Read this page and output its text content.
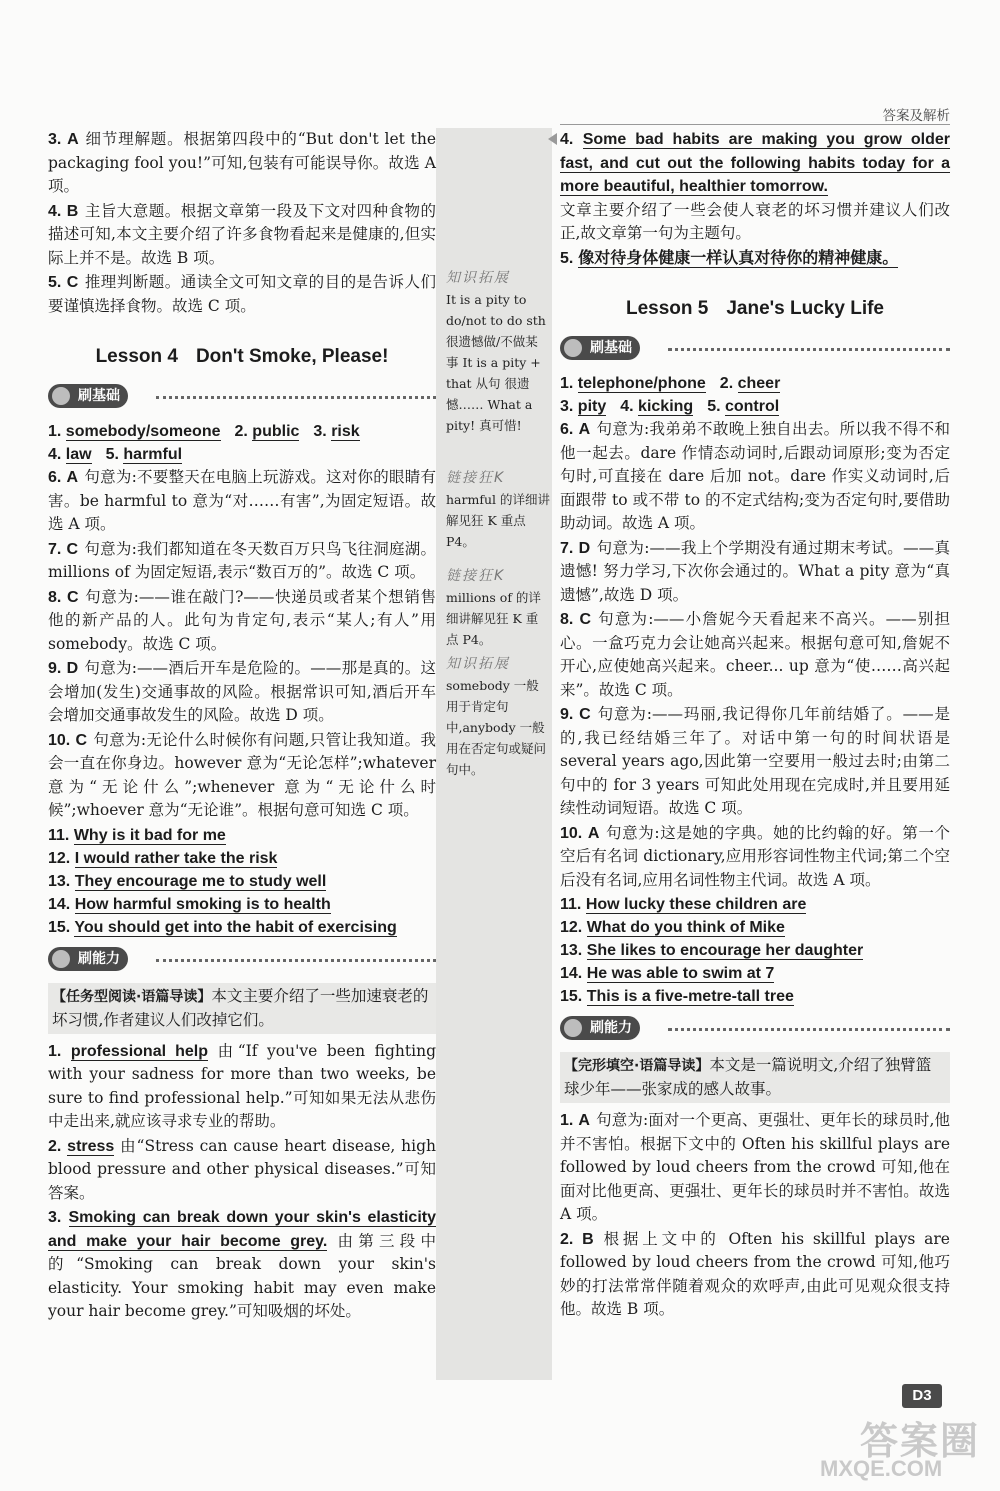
答案及解析
3. A 细节理解题。根据第四段中的“But don't let the packaging fool you!”可知,包装有可能误导你。故选 A 项。
4. B 主旨大意题。根据文章第一段及下文对四种食物的描述可知,本文主要介绍了许多食物看起来是健康的,但实际上并不是。故选 B 项。
5. C 推理判断题。通读全文可知文章的目的是告诉人们要谨慎选择食物。故选 C 项。
Lesson 4 Don't Smoke, Please!
刷基础
1. somebody/someone 2. public 3. risk
4. law 5. harmful
6. A 句意为:不要整天在电脑上玩游戏。这对你的眼睛有害。be harmful to 意为“对……有害”,为固定短语。故选 A 项。
7. C 句意为:我们都知道在冬天数百万只鸟飞往洞庭湖。millions of 为固定短语,表示“数百万的”。故选 C 项。
8. C 句意为:——谁在敲门?——快递员或者某个想销售他的新产品的人。此句为肯定句,表示“某人;有人”用somebody。故选 C 项。
9. D 句意为:——酒后开车是危险的。——那是真的。这会增加(发生)交通事故的风险。根据常识可知,酒后开车会增加交通事故发生的风险。故选 D 项。
10. C 句意为:无论什么时候你有问题,只管让我知道。我会一直在你身边。however 意为“无论怎样”;whatever 意为“无论什么”;whenever 意为“无论什么时候”;whoever 意为“无论谁”。根据句意可知选 C 项。
11. Why is it bad for me
12. I would rather take the risk
13. They encourage me to study well
14. How harmful smoking is to health
15. You should get into the habit of exercising
刷能力
【任务型阅读·语篇导读】本文主要介绍了一些加速衰老的坏习惯,作者建议人们改掉它们。
1. professional help 由“If you've been fighting with your sadness for more than two weeks, be sure to find professional help.”可知如果无法从悲伤中走出来,就应该寻求专业的帮助。
2. stress 由“Stress can cause heart disease, high blood pressure and other physical diseases.”可知答案。
3. Smoking can break down your skin's elasticity and make your hair become grey. 由第三段中的“Smoking can break down your skin's elasticity. Your smoking habit may even make your hair become grey.”可知吸烟的坏处。
知识拓展
It is a pity to do/not to do sth 很遗憾做/不做某事 It is a pity + that 从句 很遗憾…… What a pity! 真可惜!
链接狂K
harmful 的详细讲解见狂 K 重点 P4。
链接狂K
millions of 的详细讲解见狂 K 重点 P4。
知识拓展
somebody 一般用于肯定句中,anybody 一般用在否定句或疑问句中。
4. Some bad habits are making you grow older fast, and cut out the following habits today for a more beautiful, healthier tomorrow.
文章主要介绍了一些会使人衰老的坏习惯并建议人们改正,故文章第一句为主题句。
5. 像对待身体健康一样认真对待你的精神健康。
Lesson 5 Jane's Lucky Life
刷基础
1. telephone/phone 2. cheer
3. pity 4. kicking 5. control
6. A 句意为:我弟弟不敢晚上独自出去。所以我不得不和他一起去。dare 作情态动词时,后跟动词原形;变为否定句时,可直接在 dare 后加 not。dare 作实义动词时,后面跟带 to 或不带 to 的不定式结构;变为否定句时,要借助助动词。故选 A 项。
7. D 句意为:——我上个学期没有通过期末考试。——真遗憾! 努力学习,下次你会通过的。What a pity 意为“真遗憾”,故选 D 项。
8. C 句意为:——小詹妮今天看起来不高兴。——别担心。一盒巧克力会让她高兴起来。根据句意可知,詹妮不开心,应使她高兴起来。cheer... up 意为“使……高兴起来”。故选 C 项。
9. C 句意为:——玛丽,我记得你几年前结婚了。——是的,我已经结婚三年了。对话中第一句的时间状语是 several years ago,因此第一空要用一般过去时;由第二句中的 for 3 years 可知此处用现在完成时,并且要用延续性动词短语。故选 C 项。
10. A 句意为:这是她的字典。她的比约翰的好。第一个空后有名词 dictionary,应用形容词性物主代词;第二个空后没有名词,应用名词性物主代词。故选 A 项。
11. How lucky these children are
12. What do you think of Mike
13. She likes to encourage her daughter
14. He was able to swim at 7
15. This is a five-metre-tall tree
刷能力
【完形填空·语篇导读】本文是一篇说明文,介绍了独臂篮球少年——张家成的感人故事。
1. A 句意为:面对一个更高、更强壮、更年长的球员时,他并不害怕。根据下文中的 Often his skillful plays are followed by loud cheers from the crowd 可知,他在面对比他更高、更强壮、更年长的球员时并不害怕。故选 A 项。
2. B 根据上文中的 Often his skillful plays are followed by loud cheers from the crowd 可知,他巧妙的打法常常伴随着观众的欢呼声,由此可见观众很支持他。故选 B 项。
D3
答案圈
MXQE.COM
